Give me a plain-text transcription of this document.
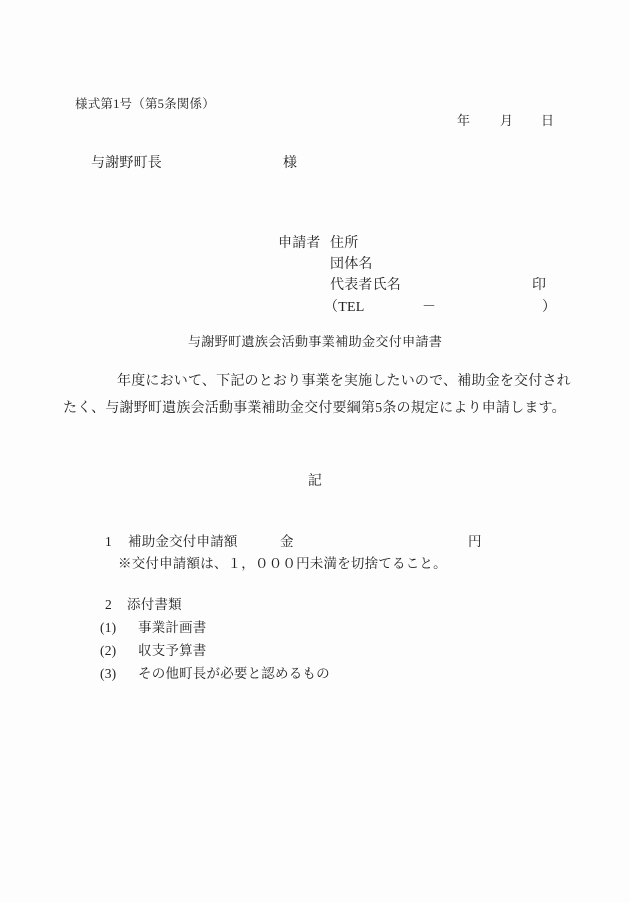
様式第1号（第5条関係）
年 月 日
与謝野町長	様
申請者 住所
団体名
代表者氏名	印
（TEL	－	）
与謝野町遺族会活動事業補助金交付申請書
年度において、下記のとおり事業を実施したいので、補助金を交付され
たく、与謝野町遺族会活動事業補助金交付要綱第5条の規定により申請します。
記
1 補助金交付申請額	金	円
※交付申請額は、１，０００円未満を切捨てること。
2 添付書類
(1) 事業計画書
(2) 収支予算書
(3) その他町長が必要と認めるもの
